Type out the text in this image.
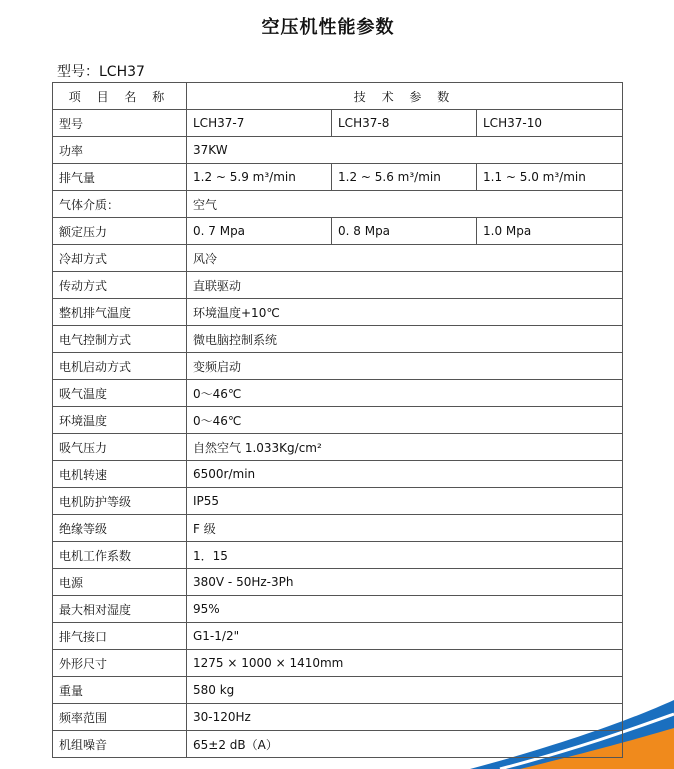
空压机性能参数
型号：LCH37
项 目 名 称	技 术 参 数		
型号	LCH37-7	LCH37-8	LCH37-10
功率	37KW		
排气量	1.2 ~ 5.9 m³/min	1.2 ~ 5.6 m³/min	1.1 ~ 5.0 m³/min
气体介质：	空气		
额定压力	0. 7 Mpa	0. 8 Mpa	1.0 Mpa
冷却方式	风冷		
传动方式	直联驱动		
整机排气温度	环境温度+10℃		
电气控制方式	微电脑控制系统		
电机启动方式	变频启动		
吸气温度	0～46℃		
环境温度	0～46℃		
吸气压力	自然空气 1.033Kg/cm²		
电机转速	6500r/min		
电机防护等级	IP55		
绝缘等级	F 级		
电机工作系数	1．15		
电源	380V - 50Hz-3Ph		
最大相对湿度	95%		
排气接口	G1-1/2"		
外形尺寸	1275 × 1000 × 1410mm		
重量	580 kg		
频率范围	30-120Hz		
机组噪音	65±2 dB（A）		
